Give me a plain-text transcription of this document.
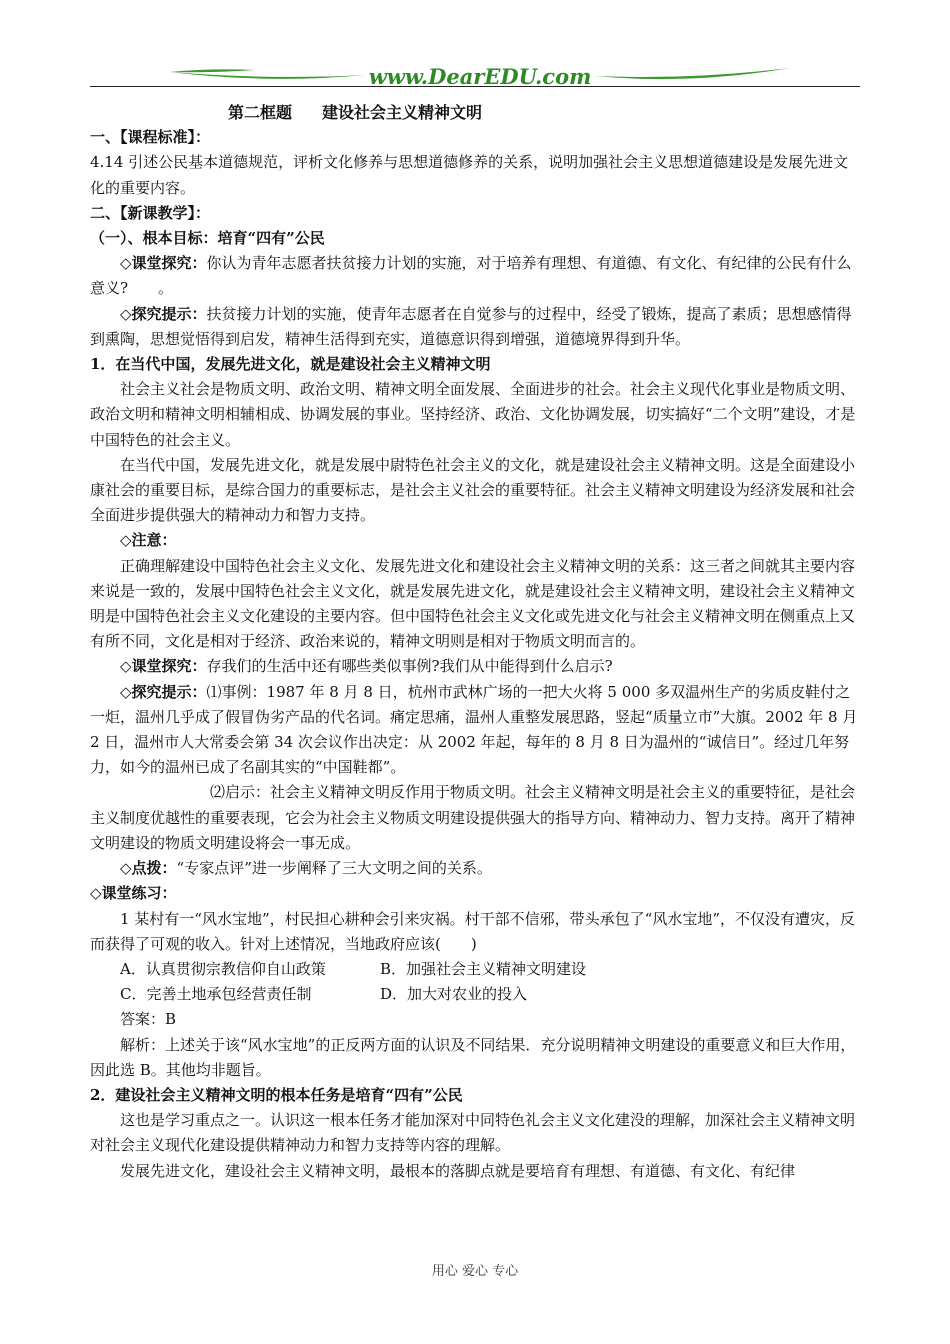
www.DearEDU.com

第二框题 建设社会主义精神文明

一、【课程标准】：

4.14 引述公民基本道德规范，评析文化修养与思想道德修养的关系，说明加强社会主义思想道德建设是发展先进文化的重要内容。

二、【新课教学】：

（一）、根本目标：培育“四有”公民

◇课堂探究：你认为青年志愿者扶贫接力计划的实施，对于培养有理想、有道德、有文化、有纪律的公民有什么意义?　　。

◇探究提示：扶贫接力计划的实施，使青年志愿者在自觉参与的过程中，经受了锻炼，提高了素质；思想感情得到熏陶，思想觉悟得到启发，精神生活得到充实，道德意识得到增强，道德境界得到升华。

1．在当代中国，发展先进文化，就是建设社会主义精神文明

社会主义社会是物质文明、政治文明、精神文明全面发展、全面进步的社会。社会主义现代化事业是物质文明、政治文明和精神文明相辅相成、协调发展的事业。坚持经济、政治、文化协调发展，切实搞好“二个文明”建设，才是中国特色的社会主义。

在当代中国，发展先进文化，就是发展中尉特色社会主义的文化，就是建设社会主义精神文明。这是全面建设小康社会的重要目标，是综合国力的重要标志，是社会主义社会的重要特征。社会主义精神文明建设为经济发展和社会全面进步提供强大的精神动力和智力支持。

◇注意：

正确理解建设中国特色社会主义文化、发展先进文化和建设社会主义精神文明的关系：这三者之间就其主要内容来说是一致的，发展中国特色社会主义文化，就是发展先进文化，就是建设社会主义精神文明，建设社会主义精神文明是中国特色社会主义文化建设的主要内容。但中国特色社会主义文化或先进文化与社会主义精神文明在侧重点上又有所不同，文化是相对于经济、政治来说的，精神文明则是相对于物质文明而言的。

◇课堂探究：存我们的生活中还有哪些类似事例?我们从中能得到什么启示?

◇探究提示：⑴事例：1987 年 8 月 8 日，杭州市武林广场的一把大火将 5 000 多双温州生产的劣质皮鞋付之一炬，温州几乎成了假冒伪劣产品的代名词。痛定思痛，温州人重整发展思路，竖起“质量立市”大旗。2002 年 8 月 2 日，温州市人大常委会第 34 次会议作出决定：从 2002 年起，每年的 8 月 8 日为温州的“诚信日”。经过几年努力，如今的温州已成了名副其实的“中国鞋都”。

⑵启示：社会主义精神文明反作用于物质文明。社会主义精神文明是社会主义的重要特征，是社会主义制度优越性的重要表现，它会为社会主义物质文明建设提供强大的指导方向、精神动力、智力支持。离开了精神文明建设的物质文明建设将会一事无成。

◇点拨：“专家点评”进一步阐释了三大文明之间的关系。

◇课堂练习：

1 某村有一“风水宝地”，村民担心耕种会引来灾祸。村干部不信邪，带头承包了“风水宝地”，不仅没有遭灾，反而获得了可观的收入。针对上述情况，当地政府应该(　　)

A．认真贯彻宗教信仰自山政策	B．加强社会主义精神文明建设

C．完善土地承包经营责任制	D．加大对农业的投入

答案：B

解析：上述关于该“风水宝地”的正反两方面的认识及不同结果．充分说明精神文明建设的重要意义和巨大作用，因此选 B。其他均非题旨。

2．建设社会主义精神文明的根本任务是培育“四有”公民

这也是学习重点之一。认识这一根本任务才能加深对中同特色礼会主义文化建没的理解，加深社会主义精神文明对社会主义现代化建设提供精神动力和智力支持等内容的理解。

发展先进文化，建设社会主义精神文明，最根本的落脚点就是要培育有理想、有道德、有文化、有纪律

用心 爱心 专心
